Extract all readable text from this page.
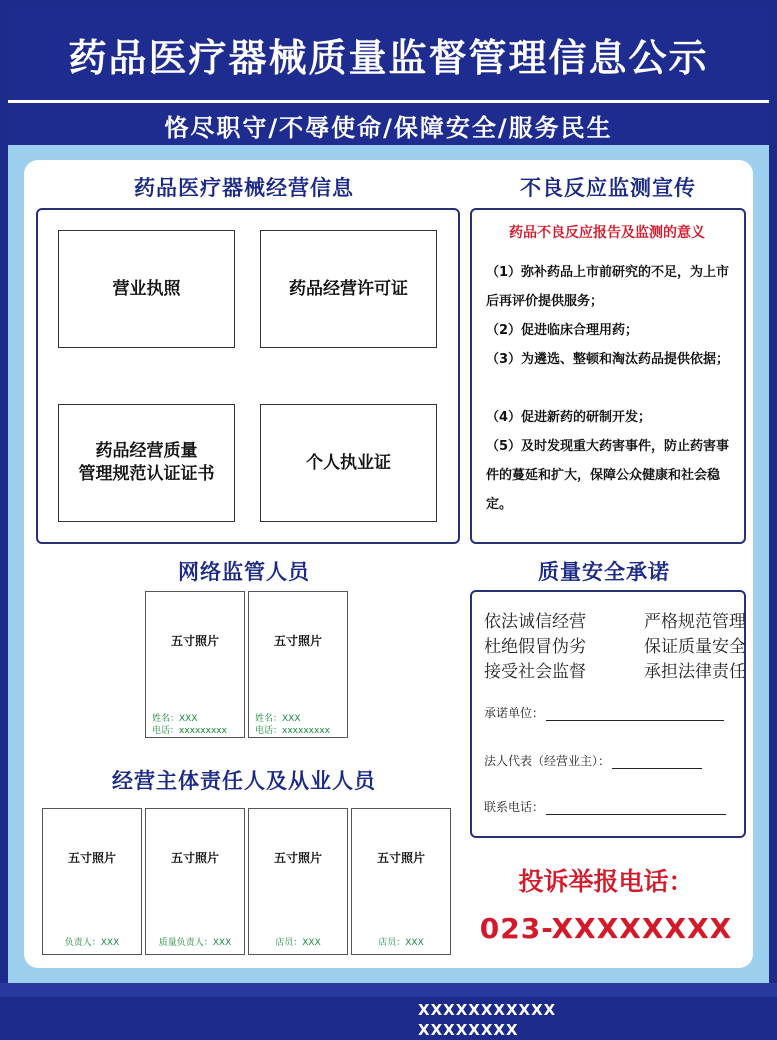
药品医疗器械质量监督管理信息公示
恪尽职守/不辱使命/保障安全/服务民生
药品医疗器械经营信息
营业执照	药品经营许可证
药品经营质量
管理规范认证证书
个人执业证
不良反应监测宣传
药品不良反应报告及监测的意义
（1）弥补药品上市前研究的不足，为上市后再评价提供服务；
（2）促进临床合理用药；
（3）为遴选、整顿和淘汰药品提供依据；
（4）促进新药的研制开发；
（5）及时发现重大药害事件，防止药害事件的蔓延和扩大，保障公众健康和社会稳定。
网络监管人员
五寸照片
姓名：XXX
电话：xxxxxxxxx
五寸照片
姓名：XXX
电话：xxxxxxxxx
经营主体责任人及从业人员
五寸照片
负责人：XXX
五寸照片
质量负责人：XXX
五寸照片
店员：XXX
五寸照片
店员：XXX
质量安全承诺
依法诚信经营	严格规范管理
杜绝假冒伪劣	保证质量安全
接受社会监督	承担法律责任
承诺单位：
法人代表（经营业主）：
联系电话：
投诉举报电话：
023-XXXXXXXX
XXXXXXXXXXX
XXXXXXXX
